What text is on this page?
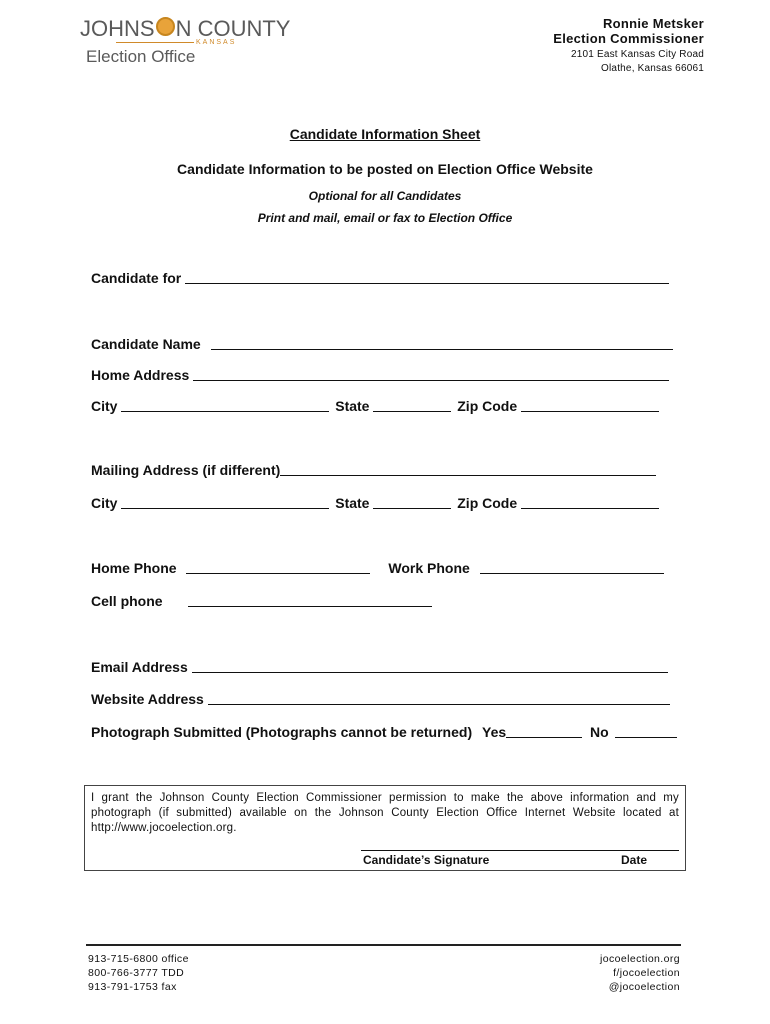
JOHNS N COUNTY
KANSAS
Election Office
Ronnie Metsker
Election Commissioner
2101 East Kansas City Road
Olathe, Kansas 66061
Candidate Information Sheet
Candidate Information to be posted on Election Office Website
Optional for all Candidates
Print and mail, email or fax to Election Office
Candidate for
Candidate Name
Home Address
City	State	Zip Code
Mailing Address (if different)
City	State	Zip Code
Home Phone	Work Phone
Cell phone
Email Address
Website Address
Photograph Submitted (Photographs cannot be returned) Yes	No
I grant the Johnson County Election Commissioner permission to make the above information and my photograph (if submitted) available on the Johnson County Election Office Internet Website located at http://www.jocoelection.org.
Candidate’s Signature	Date
913-715-6800 office
800-766-3777 TDD
913-791-1753 fax
jocoelection.org
f/jocoelection
@jocoelection
